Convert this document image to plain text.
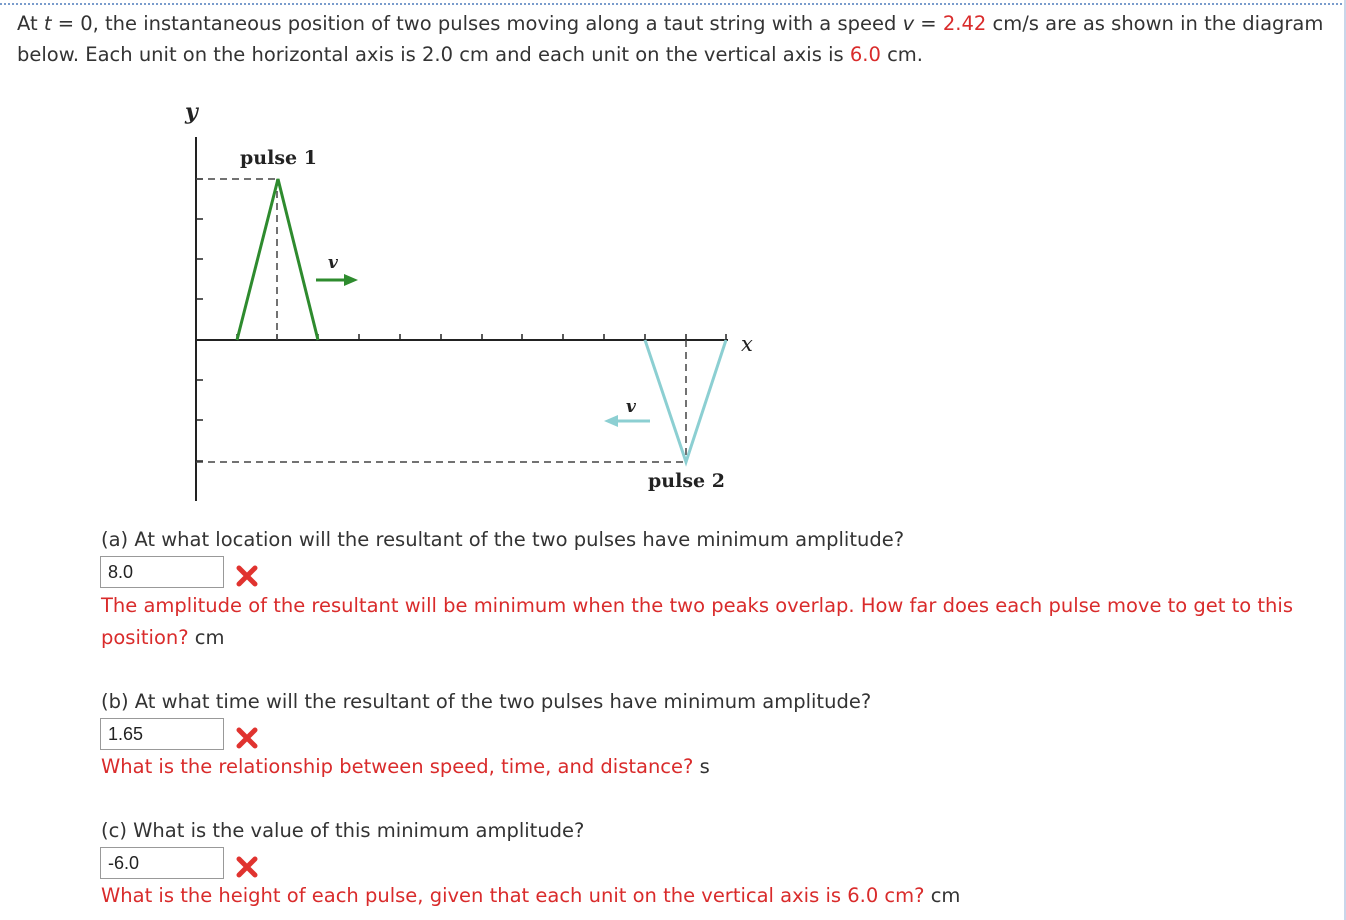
At t = 0, the instantaneous position of two pulses moving along a taut string with a speed v = 2.42 cm/s are as shown in the diagram below. Each unit on the horizontal axis is 2.0 cm and each unit on the vertical axis is 6.0 cm.
y
x
pulse 1
v
pulse 2
v
(a) At what location will the resultant of the two pulses have minimum amplitude?
8.0
The amplitude of the resultant will be minimum when the two peaks overlap. How far does each pulse move to get to this position? cm
(b) At what time will the resultant of the two pulses have minimum amplitude?
1.65
What is the relationship between speed, time, and distance? s
(c) What is the value of this minimum amplitude?
-6.0
What is the height of each pulse, given that each unit on the vertical axis is 6.0 cm? cm
